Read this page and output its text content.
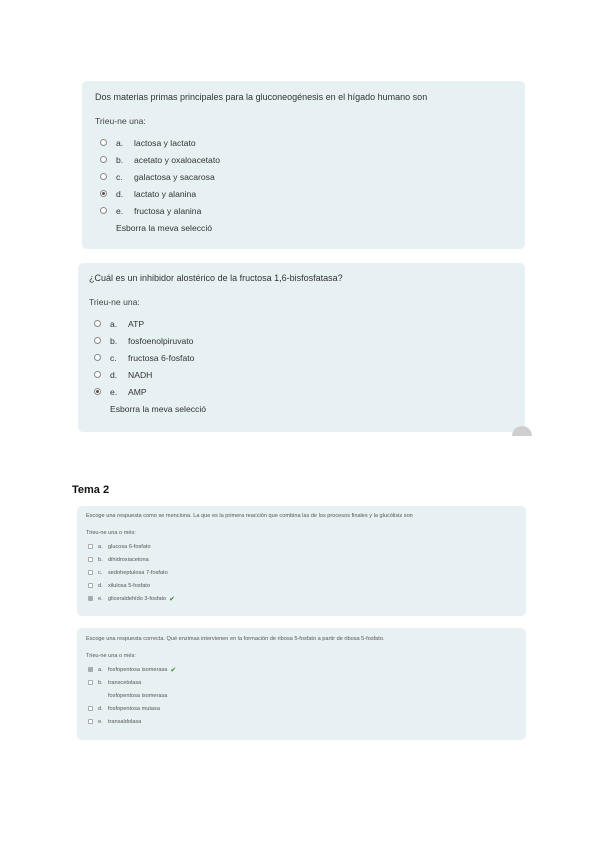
Dos materias primas principales para la gluconeogénesis en el hígado humano son

Trieu-ne una:
a.	lactosa y lactato
b.	acetato y oxaloacetato
c.	galactosa y sacarosa
d.	lactato y alanina
e.	fructosa y alanina
Esborra la meva selecció

¿Cuál es un inhibidor alostérico de la fructosa 1,6-bisfosfatasa?

Trieu-ne una:
a.	ATP
b.	fosfoenolpiruvato
c.	fructosa 6-fosfato
d.	NADH
e.	AMP
Esborra la meva selecció
Tema 2

Escoge una respuesta como se menciona. La que es la primera reacción que combina las de los procesos finales y la glucólisis son

Trieu-ne una o més:
a. glucosa 6-fosfato
b. dihidroxiacetona
c.	sedoheptulosa 7-fosfato
d. xilulosa 5-fosfato
e. gliceraldehído 3-fosfato ✔

Escoge una respuesta correcta. Qué enzimas intervienen en la formación de ribosa 5-fosfato a partir de ribosa 5-fosfato.

Trieu-ne una o més:
a. fosfopentosa isomerasa ✔
b. transcetolasa
fosfopentosa isomerasa
d. fosfopentosa mutasa
e. transaldolasa
